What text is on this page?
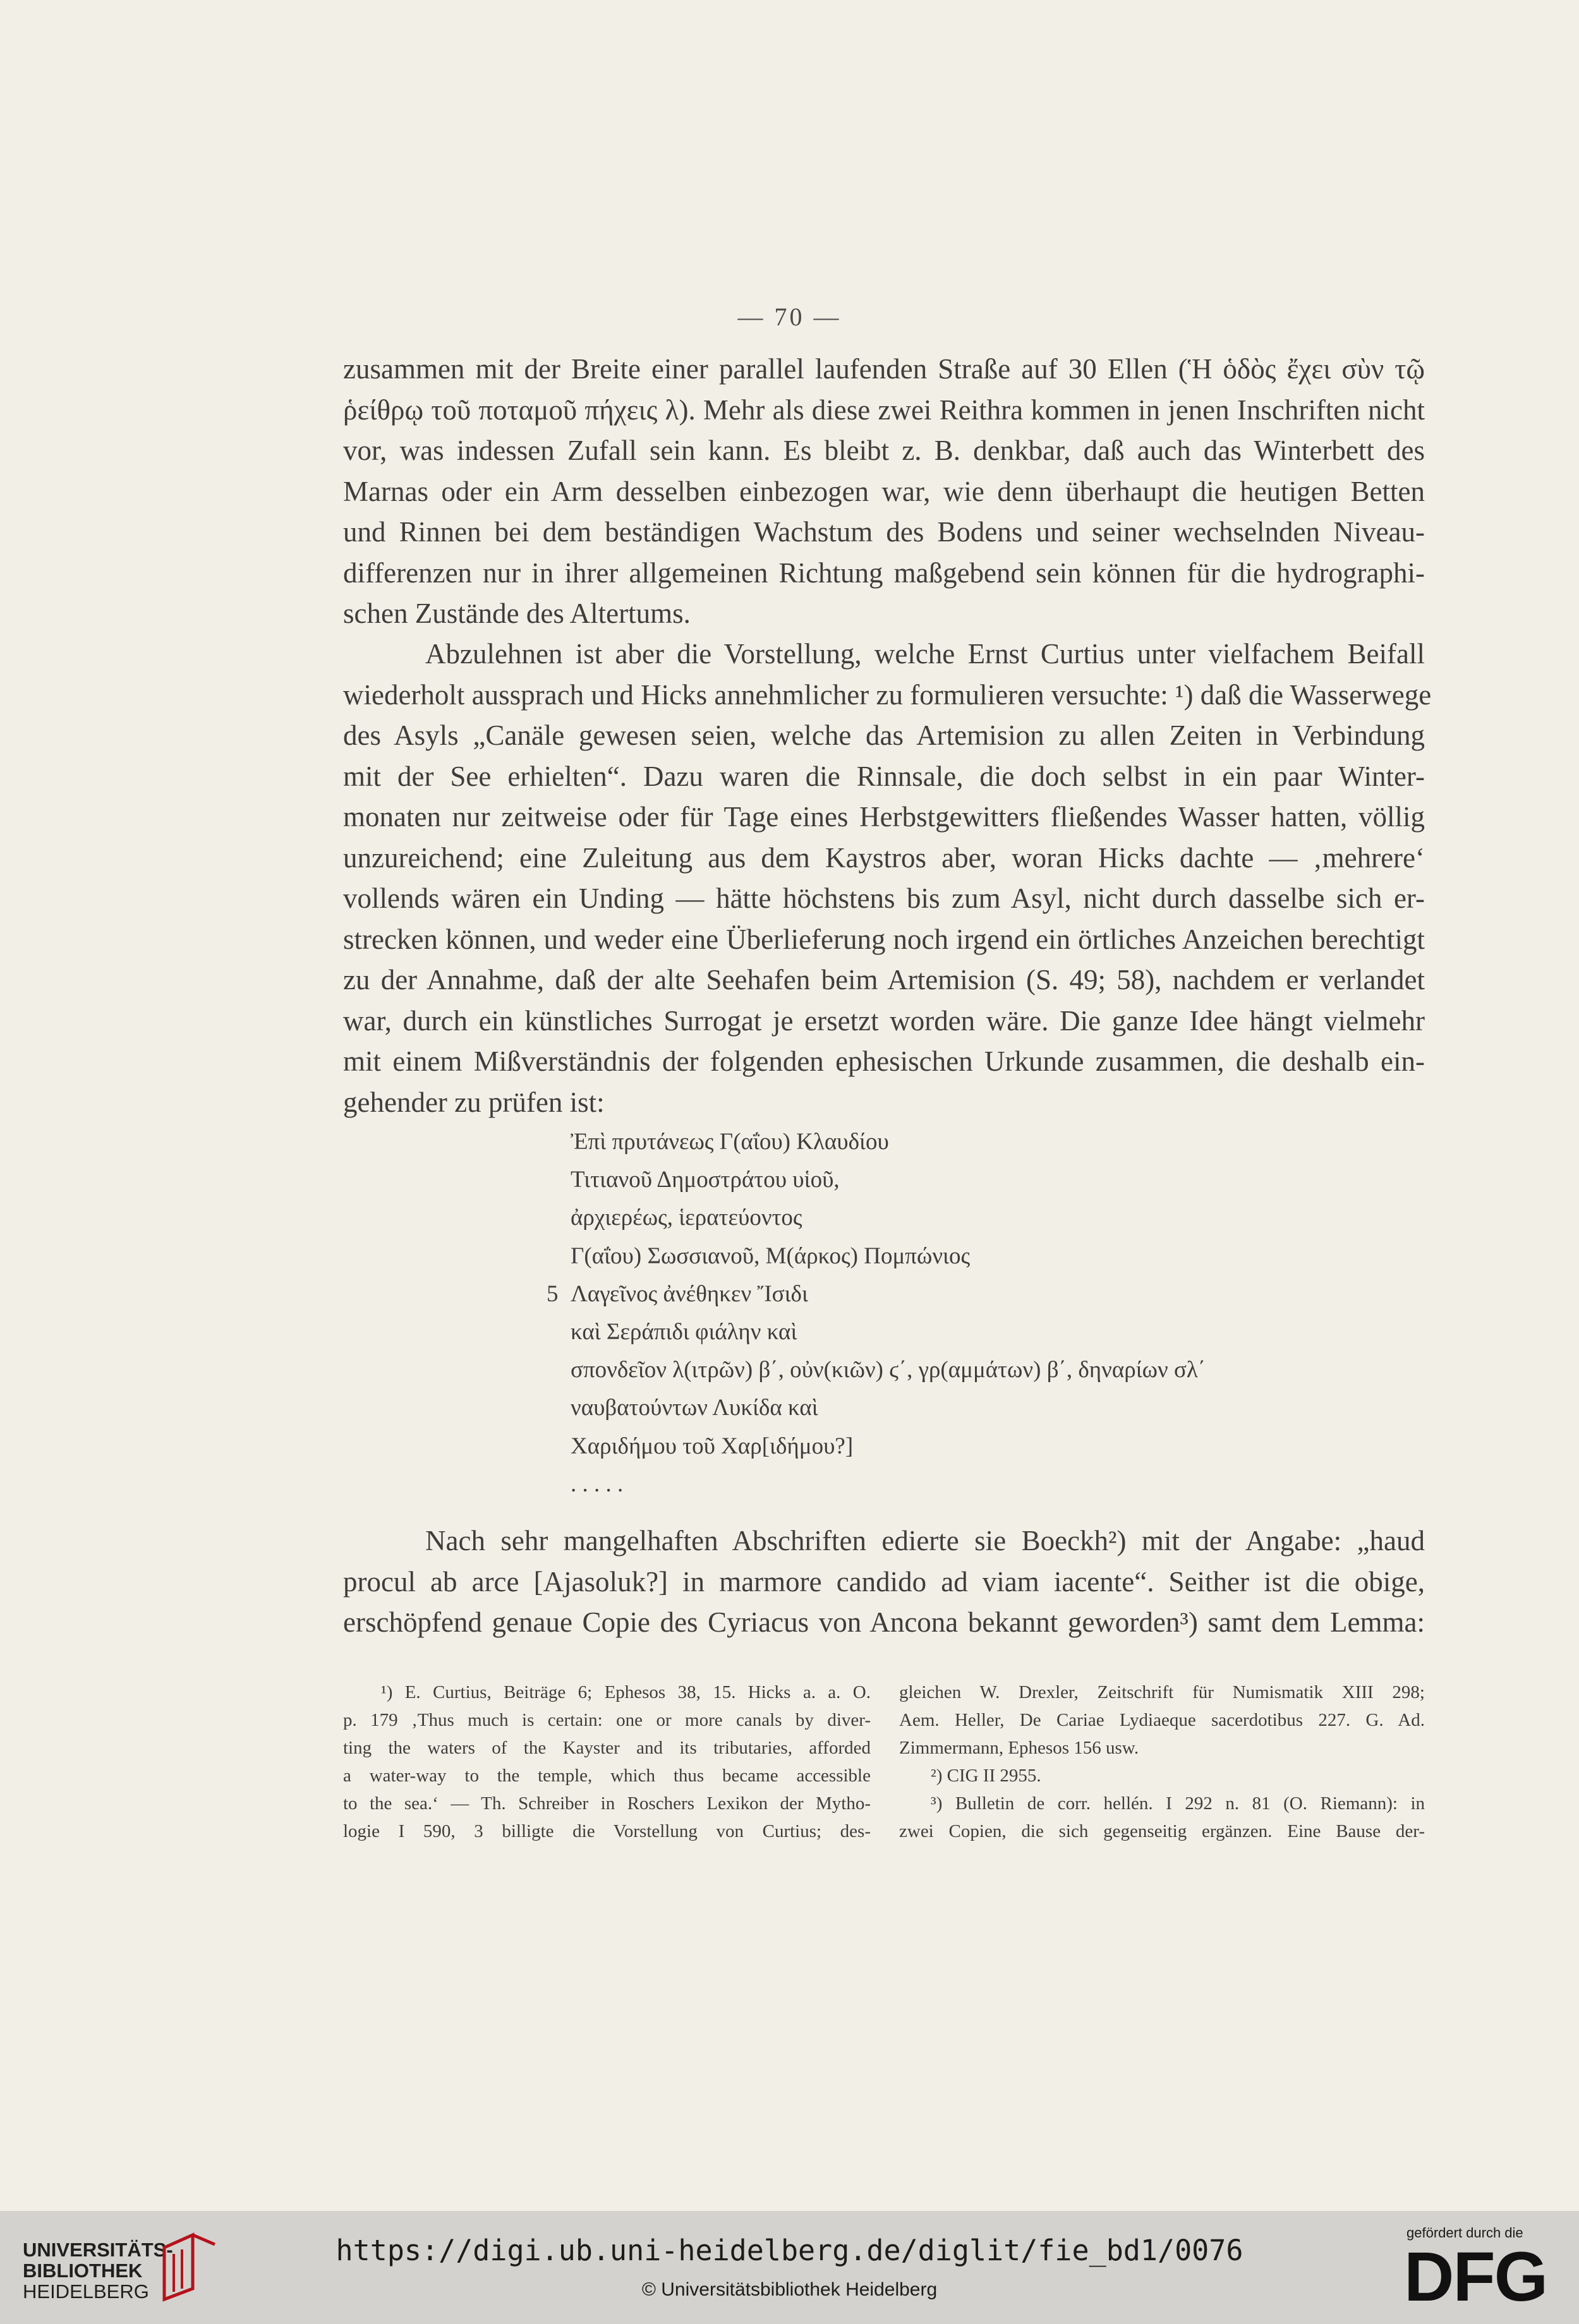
— 70 —
zusammen mit der Breite einer parallel laufenden Straße auf 30 Ellen (Ἡ ὁδὸς ἔχει σὺν τῷ
ῥείθρῳ τοῦ ποταμοῦ πήχεις λ). Mehr als diese zwei Reithra kommen in jenen Inschriften nicht
vor, was indessen Zufall sein kann. Es bleibt z. B. denkbar, daß auch das Winterbett des
Marnas oder ein Arm desselben einbezogen war, wie denn überhaupt die heutigen Betten
und Rinnen bei dem beständigen Wachstum des Bodens und seiner wechselnden Niveau-
differenzen nur in ihrer allgemeinen Richtung maßgebend sein können für die hydrographi-
schen Zustände des Altertums.
Abzulehnen ist aber die Vorstellung, welche Ernst Curtius unter vielfachem Beifall
wiederholt aussprach und Hicks annehmlicher zu formulieren versuchte: ¹) daß die Wasserwege
des Asyls „Canäle gewesen seien, welche das Artemision zu allen Zeiten in Verbindung
mit der See erhielten“. Dazu waren die Rinnsale, die doch selbst in ein paar Winter-
monaten nur zeitweise oder für Tage eines Herbstgewitters fließendes Wasser hatten, völlig
unzureichend; eine Zuleitung aus dem Kaystros aber, woran Hicks dachte — ‚mehrere‘
vollends wären ein Unding — hätte höchstens bis zum Asyl, nicht durch dasselbe sich er-
strecken können, und weder eine Überlieferung noch irgend ein örtliches Anzeichen berechtigt
zu der Annahme, daß der alte Seehafen beim Artemision (S. 49; 58), nachdem er verlandet
war, durch ein künstliches Surrogat je ersetzt worden wäre. Die ganze Idee hängt vielmehr
mit einem Mißverständnis der folgenden ephesischen Urkunde zusammen, die deshalb ein-
gehender zu prüfen ist:
Ἐπὶ πρυτάνεως Γ(αΐου) Κλαυδίου
Τιτιανοῦ Δημοστράτου υἱοῦ,
ἀρχιερέως, ἱερατεύοντος
Γ(αΐου) Σωσσιανοῦ, Μ(άρκος) Πομπώνιος
5 Λαγεῖνος ἀνέθηκεν Ἴσιδι
καὶ Σεράπιδι φιάλην καὶ
σπονδεῖον λ(ιτρῶν) β΄, οὐν(κιῶν) ϛ΄, γρ(αμμάτων) β΄, δηναρίων σλ΄
ναυβατούντων Λυκίδα καὶ
Χαριδήμου τοῦ Χαρ[ιδήμου?]
. . . . .
Nach sehr mangelhaften Abschriften edierte sie Boeckh²) mit der Angabe: „haud
procul ab arce [Ajasoluk?] in marmore candido ad viam iacente“. Seither ist die obige,
erschöpfend genaue Copie des Cyriacus von Ancona bekannt geworden³) samt dem Lemma:
¹) E. Curtius, Beiträge 6; Ephesos 38, 15. Hicks a. a. O.
p. 179 ‚Thus much is certain: one or more canals by diver-
ting the waters of the Kayster and its tributaries, afforded
a water-way to the temple, which thus became accessible
to the sea.‘ — Th. Schreiber in Roschers Lexikon der Mytho-
logie I 590, 3 billigte die Vorstellung von Curtius; des-
gleichen W. Drexler, Zeitschrift für Numismatik XIII 298;
Aem. Heller, De Cariae Lydiaeque sacerdotibus 227. G. Ad.
Zimmermann, Ephesos 156 usw.
²) CIG II 2955.
³) Bulletin de corr. hellén. I 292 n. 81 (O. Riemann): in
zwei Copien, die sich gegenseitig ergänzen. Eine Bause der-
UNIVERSITÄTS-
BIBLIOTHEK
HEIDELBERG
https://digi.ub.uni-heidelberg.de/diglit/fie_bd1/0076
© Universitätsbibliothek Heidelberg
gefördert durch die
DFG
